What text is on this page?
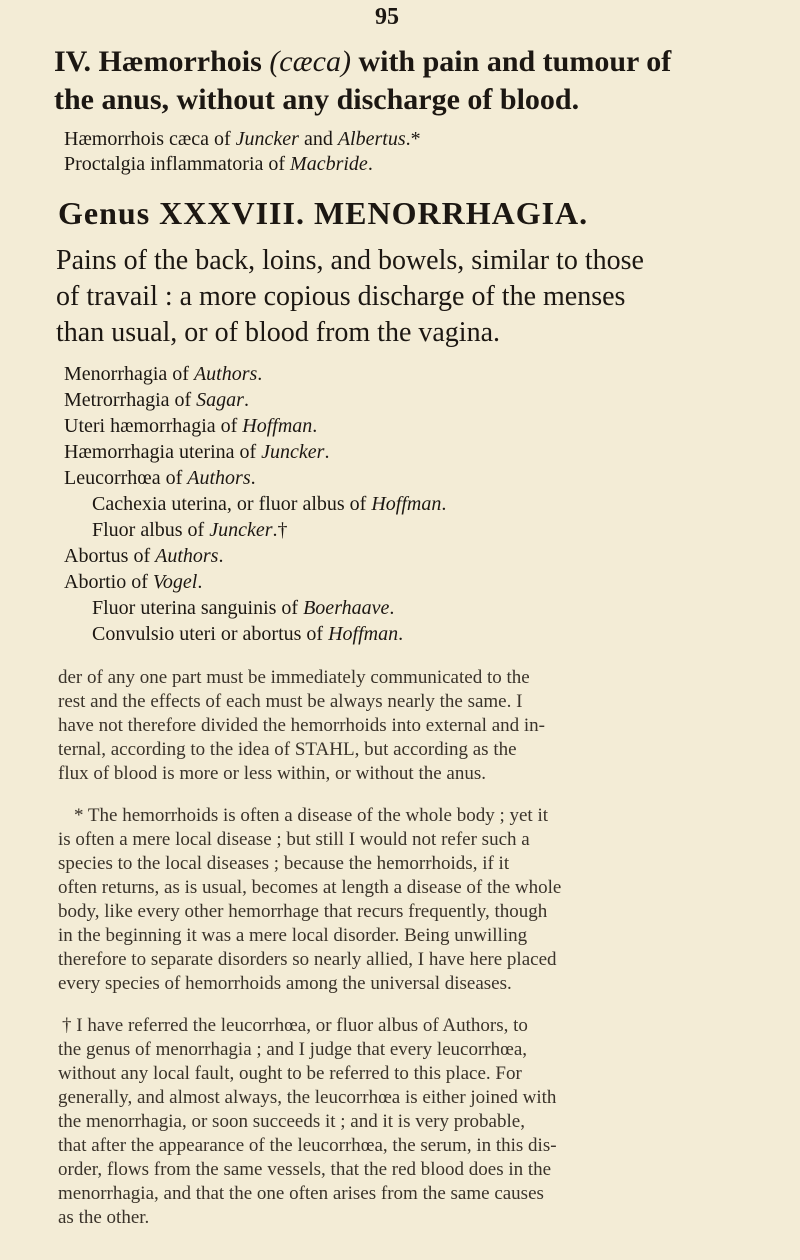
95
IV. Hæmorrhois (cæca) with pain and tumour of
the anus, without any discharge of blood.
Hæmorrhois cæca of Juncker and Albertus.*
Proctalgia inflammatoria of Macbride.
Genus XXXVIII. MENORRHAGIA.
Pains of the back, loins, and bowels, similar to those
of travail : a more copious discharge of the menses
than usual, or of blood from the vagina.
Menorrhagia of Authors.
Metrorrhagia of Sagar.
Uteri hæmorrhagia of Hoffman.
Hæmorrhagia uterina of Juncker.
Leucorrhœa of Authors.
Cachexia uterina, or fluor albus of Hoffman.
Fluor albus of Juncker.†
Abortus of Authors.
Abortio of Vogel.
Fluor uterina sanguinis of Boerhaave.
Convulsio uteri or abortus of Hoffman.
der of any one part must be immediately communicated to the
rest and the effects of each must be always nearly the same. I
have not therefore divided the hemorrhoids into external and in-
ternal, according to the idea of STAHL, but according as the
flux of blood is more or less within, or without the anus.
* The hemorrhoids is often a disease of the whole body ; yet it
is often a mere local disease ; but still I would not refer such a
species to the local diseases ; because the hemorrhoids, if it
often returns, as is usual, becomes at length a disease of the whole
body, like every other hemorrhage that recurs frequently, though
in the beginning it was a mere local disorder. Being unwilling
therefore to separate disorders so nearly allied, I have here placed
every species of hemorrhoids among the universal diseases.
† I have referred the leucorrhœa, or fluor albus of Authors, to
the genus of menorrhagia ; and I judge that every leucorrhœa,
without any local fault, ought to be referred to this place. For
generally, and almost always, the leucorrhœa is either joined with
the menorrhagia, or soon succeeds it ; and it is very probable,
that after the appearance of the leucorrhœa, the serum, in this dis-
order, flows from the same vessels, that the red blood does in the
menorrhagia, and that the one often arises from the same causes
as the other.
